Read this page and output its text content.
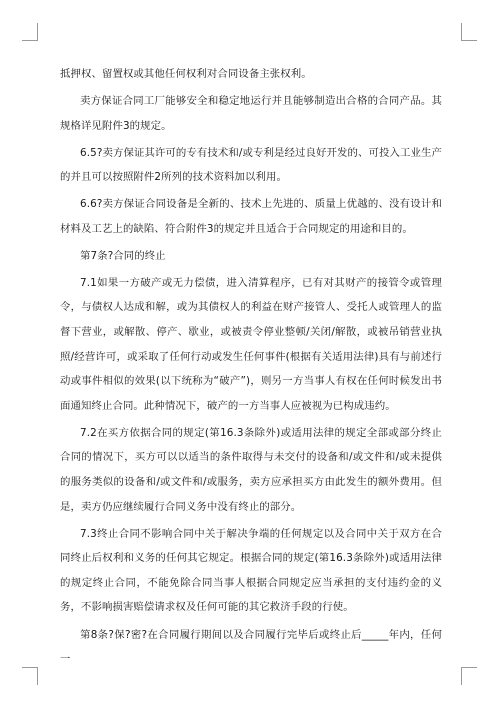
抵押权、留置权或其他任何权利对合同设备主张权利。

卖方保证合同工厂能够安全和稳定地运行并且能够制造出合格的合同产品。其规格详见附件3的规定。

6.5?卖方保证其许可的专有技术和/或专利是经过良好开发的、可投入工业生产的并且可以按照附件2所列的技术资料加以利用。

6.6?卖方保证合同设备是全新的、技术上先进的、质量上优越的、没有设计和材料及工艺上的缺陷、符合附件3的规定并且适合于合同规定的用途和目的。

第7条?合同的终止

7.1如果一方破产或无力偿债，进入清算程序，已有对其财产的接管令或管理令，与债权人达成和解，或为其债权人的利益在财产接管人、受托人或管理人的监督下营业，或解散、停产、歇业，或被责令停业整顿/关闭/解散，或被吊销营业执照/经营许可，或采取了任何行动或发生任何事件(根据有关适用法律)具有与前述行动或事件相似的效果(以下统称为“破产”)，则另一方当事人有权在任何时候发出书面通知终止合同。此种情况下，破产的一方当事人应被视为已构成违约。

7.2在买方依据合同的规定(第16.3条除外)或适用法律的规定全部或部分终止合同的情况下，买方可以以适当的条件取得与未交付的设备和/或文件和/或未提供的服务类似的设备和/或文件和/或服务，卖方应承担买方由此发生的额外费用。但是，卖方仍应继续履行合同义务中没有终止的部分。

7.3终止合同不影响合同中关于解决争端的任何规定以及合同中关于双方在合同终止后权利和义务的任何其它规定。根据合同的规定(第16.3条除外)或适用法律的规定终止合同，不能免除合同当事人根据合同规定应当承担的支付违约金的义务，不影响损害赔偿请求权及任何可能的其它救济手段的行使。

第8条?保?密?在合同履行期间以及合同履行完毕后或终止后_____年内，任何一
